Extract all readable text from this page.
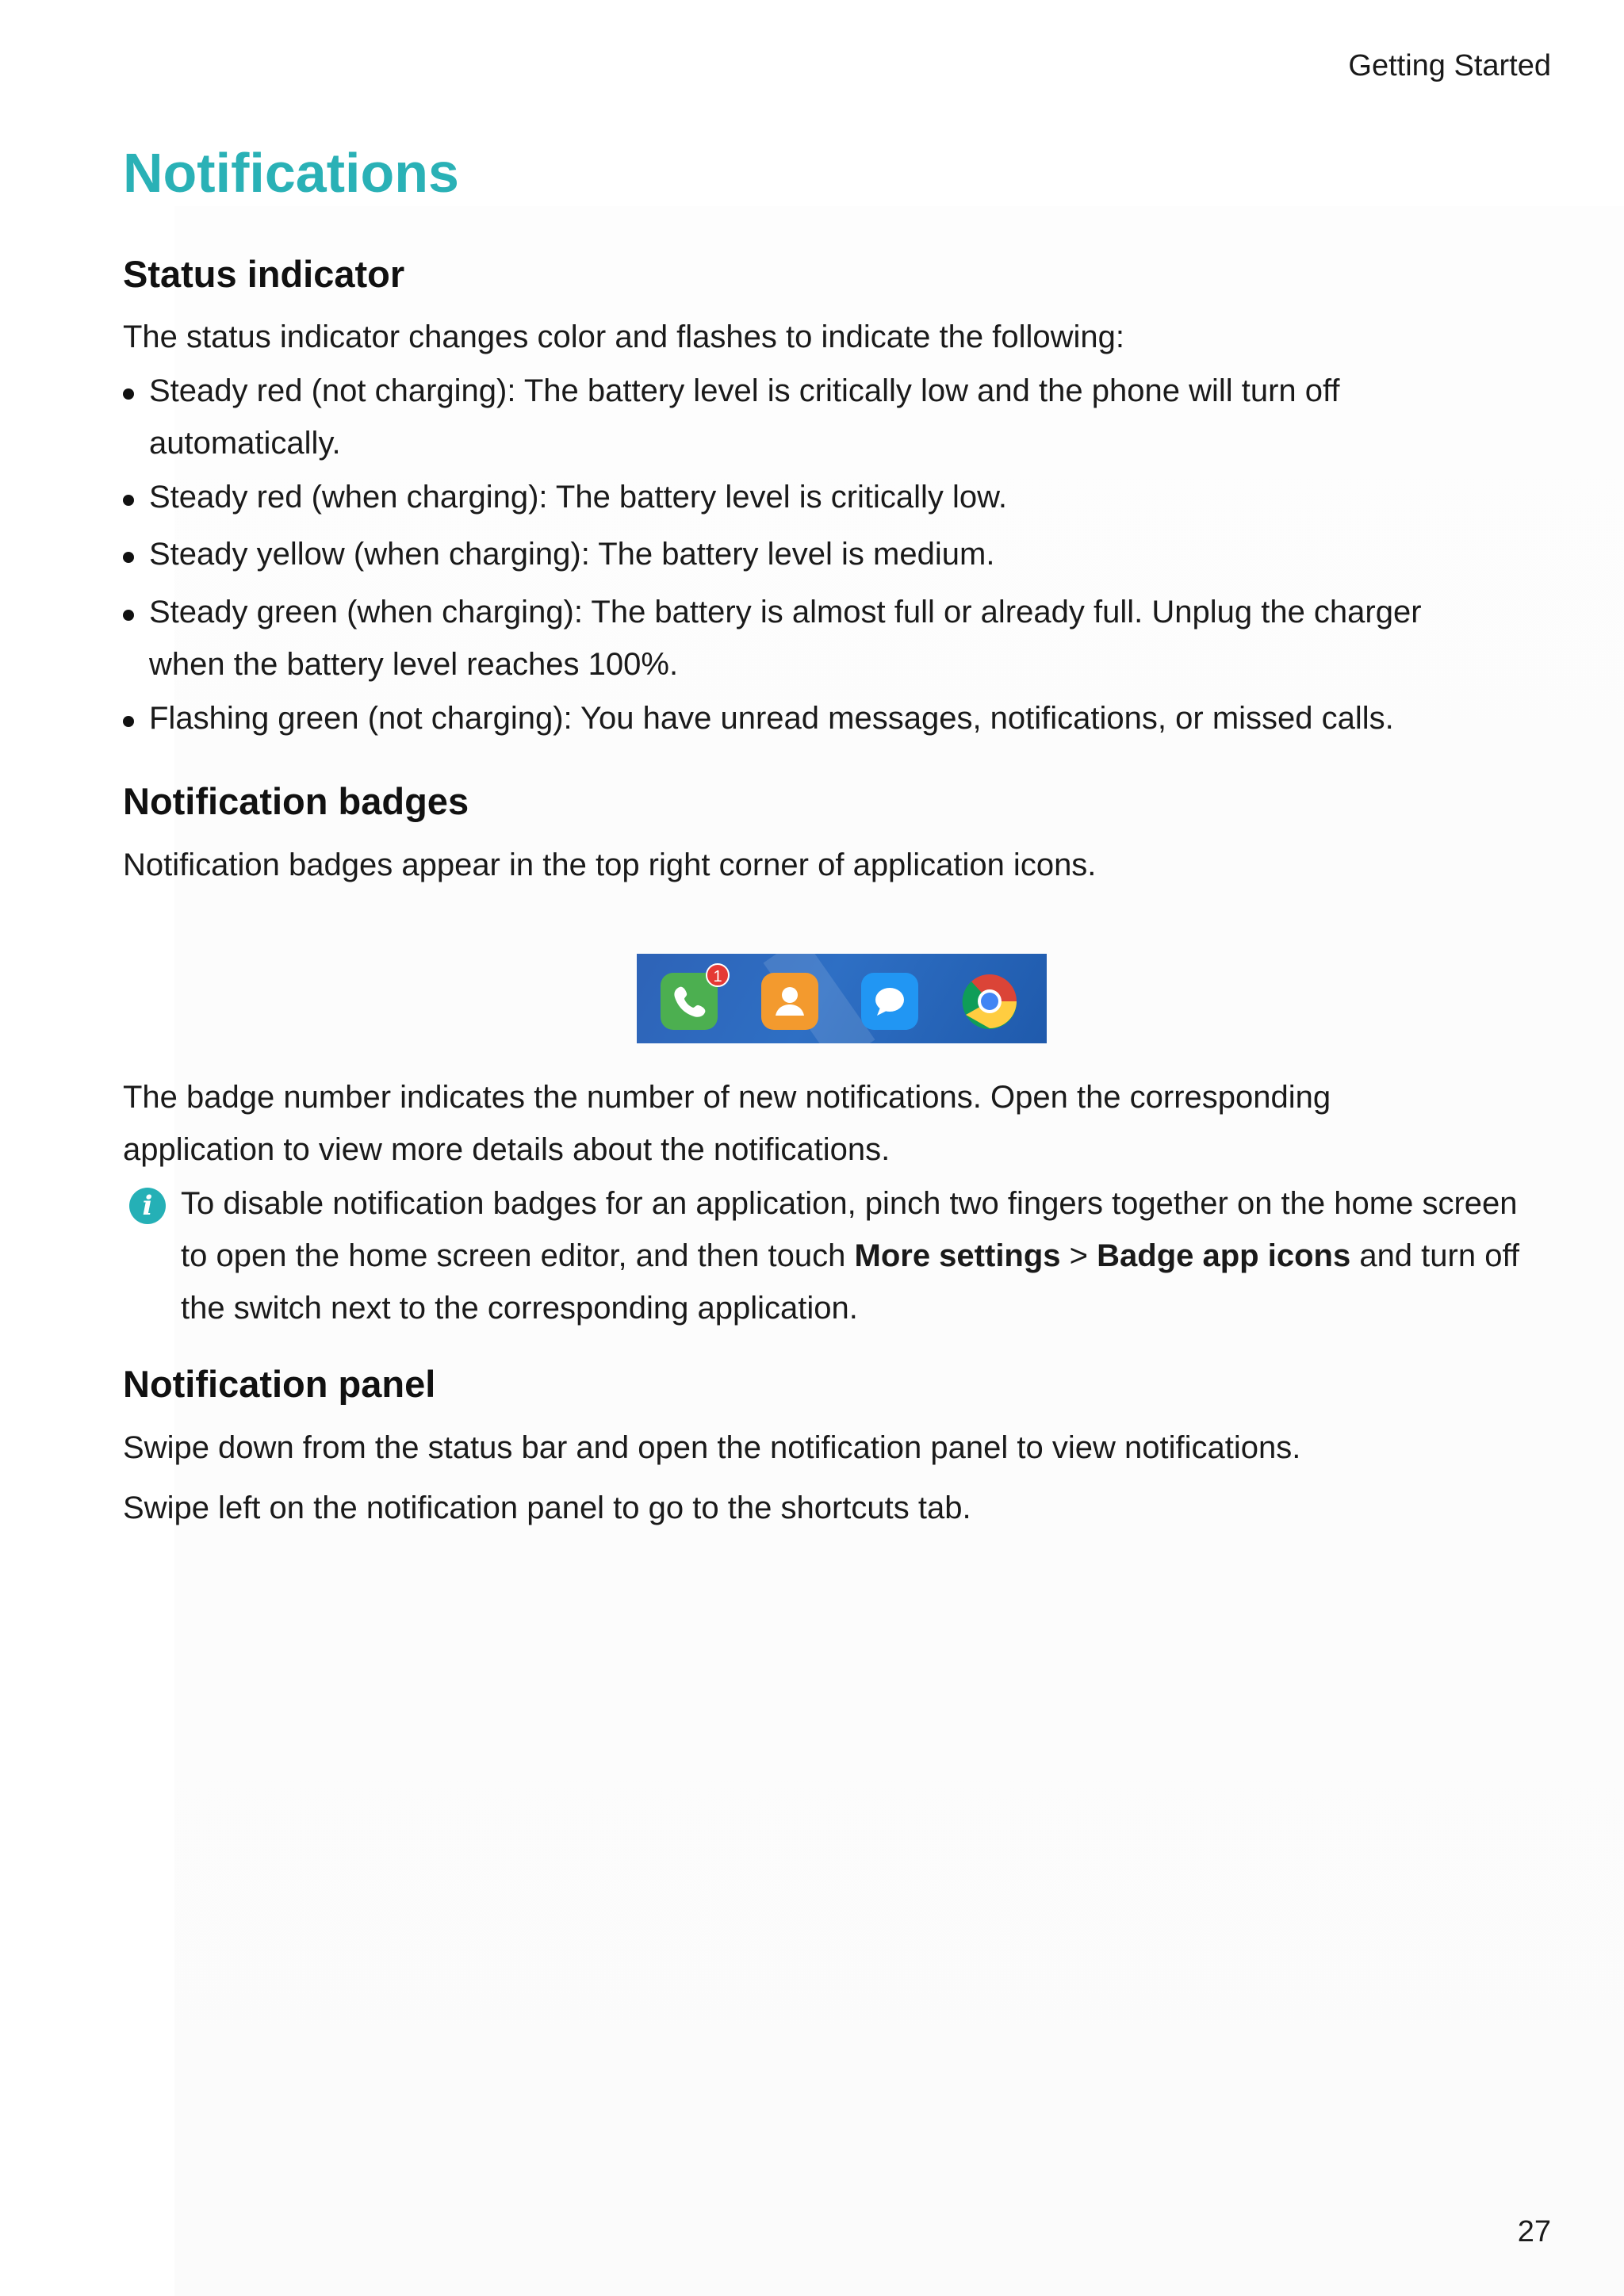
Getting Started
Notifications
Status indicator

The status indicator changes color and flashes to indicate the following:

Steady red (not charging): The battery level is critically low and the phone will turn off automatically.
Steady red (when charging): The battery level is critically low.
Steady yellow (when charging): The battery level is medium.
Steady green (when charging): The battery is almost full or already full. Unplug the charger when the battery level reaches 100%.
Flashing green (not charging): You have unread messages, notifications, or missed calls.
Notification badges

Notification badges appear in the top right corner of application icons.

The badge number indicates the number of new notifications. Open the corresponding application to view more details about the notifications.

i To disable notification badges for an application, pinch two fingers together on the home screen to open the home screen editor, and then touch More settings > Badge app icons and turn off the switch next to the corresponding application.

Notification panel

Swipe down from the status bar and open the notification panel to view notifications.

Swipe left on the notification panel to go to the shortcuts tab.

1
27
